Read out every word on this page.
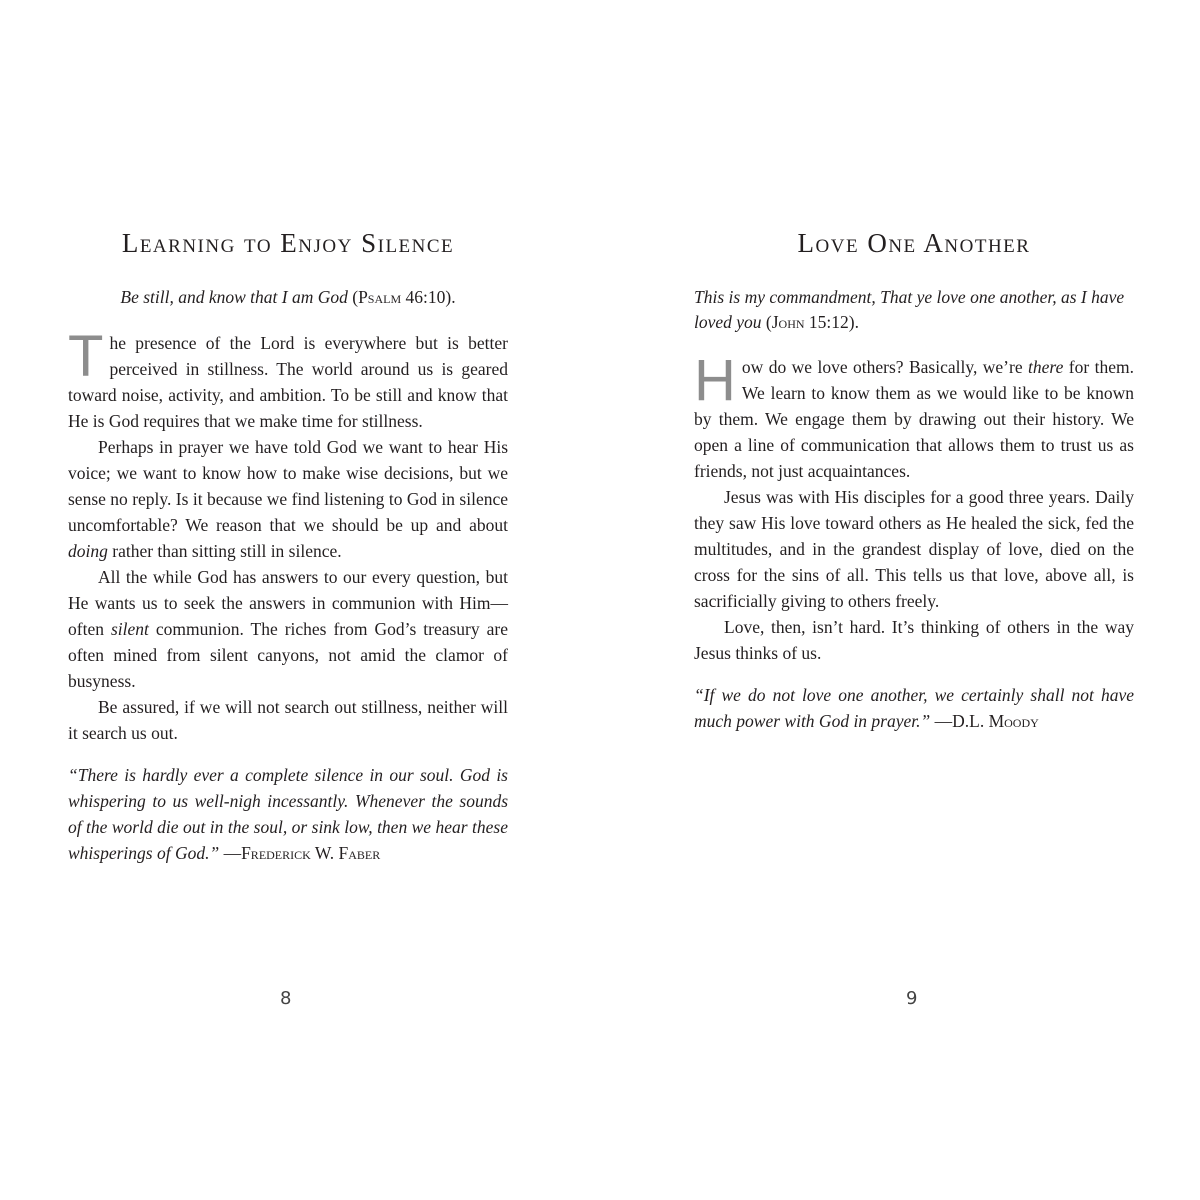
Learning to Enjoy Silence
Be still, and know that I am God (Psalm 46:10).

The presence of the Lord is everywhere but is better perceived in stillness. The world around us is geared toward noise, activity, and ambition. To be still and know that He is God requires that we make time for stillness.

Perhaps in prayer we have told God we want to hear His voice; we want to know how to make wise decisions, but we sense no reply. Is it because we find listening to God in silence uncomfortable? We reason that we should be up and about doing rather than sitting still in silence.

All the while God has answers to our every question, but He wants us to seek the answers in communion with Him—often silent communion. The riches from God’s treasury are often mined from silent canyons, not amid the clamor of busyness.

Be assured, if we will not search out stillness, neither will it search us out.

“There is hardly ever a complete silence in our soul. God is whispering to us well-nigh incessantly. Whenever the sounds of the world die out in the soul, or sink low, then we hear these whisperings of God.” —Frederick W. Faber
8
Love One Another
This is my commandment, That ye love one another, as I have loved you (John 15:12).

How do we love others? Basically, we’re there for them. We learn to know them as we would like to be known by them. We engage them by drawing out their history. We open a line of communication that allows them to trust us as friends, not just acquaintances.

Jesus was with His disciples for a good three years. Daily they saw His love toward others as He healed the sick, fed the multitudes, and in the grandest display of love, died on the cross for the sins of all. This tells us that love, above all, is sacrificially giving to others freely.

Love, then, isn’t hard. It’s thinking of others in the way Jesus thinks of us.

“If we do not love one another, we certainly shall not have much power with God in prayer.” —D.L. Moody
9
